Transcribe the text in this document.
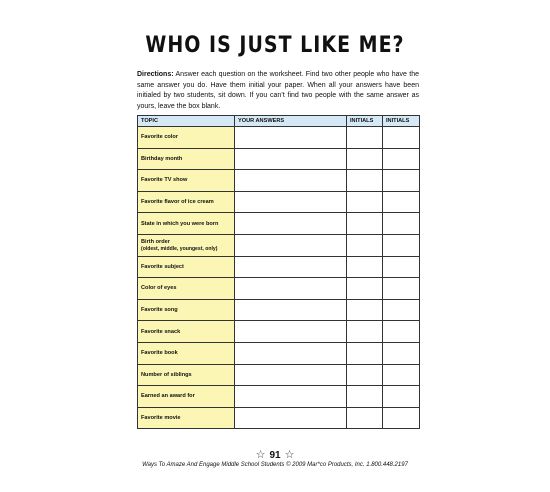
WHO IS JUST LIKE ME?
Directions: Answer each question on the worksheet. Find two other people who have the same answer you do. Have them initial your paper. When all your answers have been initialed by two students, sit down. If you can’t find two people with the same answer as yours, leave the box blank.
TOPIC	YOUR ANSWERS	INITIALS	INITIALS
Favorite color			
Birthday month			
Favorite TV show			
Favorite flavor of ice cream			
State in which you were born			
Birth order
(oldest, middle, youngest, only)			

Favorite subject			
Color of eyes			
Favorite song			
Favorite snack			
Favorite book			
Number of siblings			
Earned an award for			
Favorite movie			
☆ 91 ☆
Ways To Amaze And Engage Middle School Students © 2009 Mar*co Products, Inc. 1.800.448.2197
